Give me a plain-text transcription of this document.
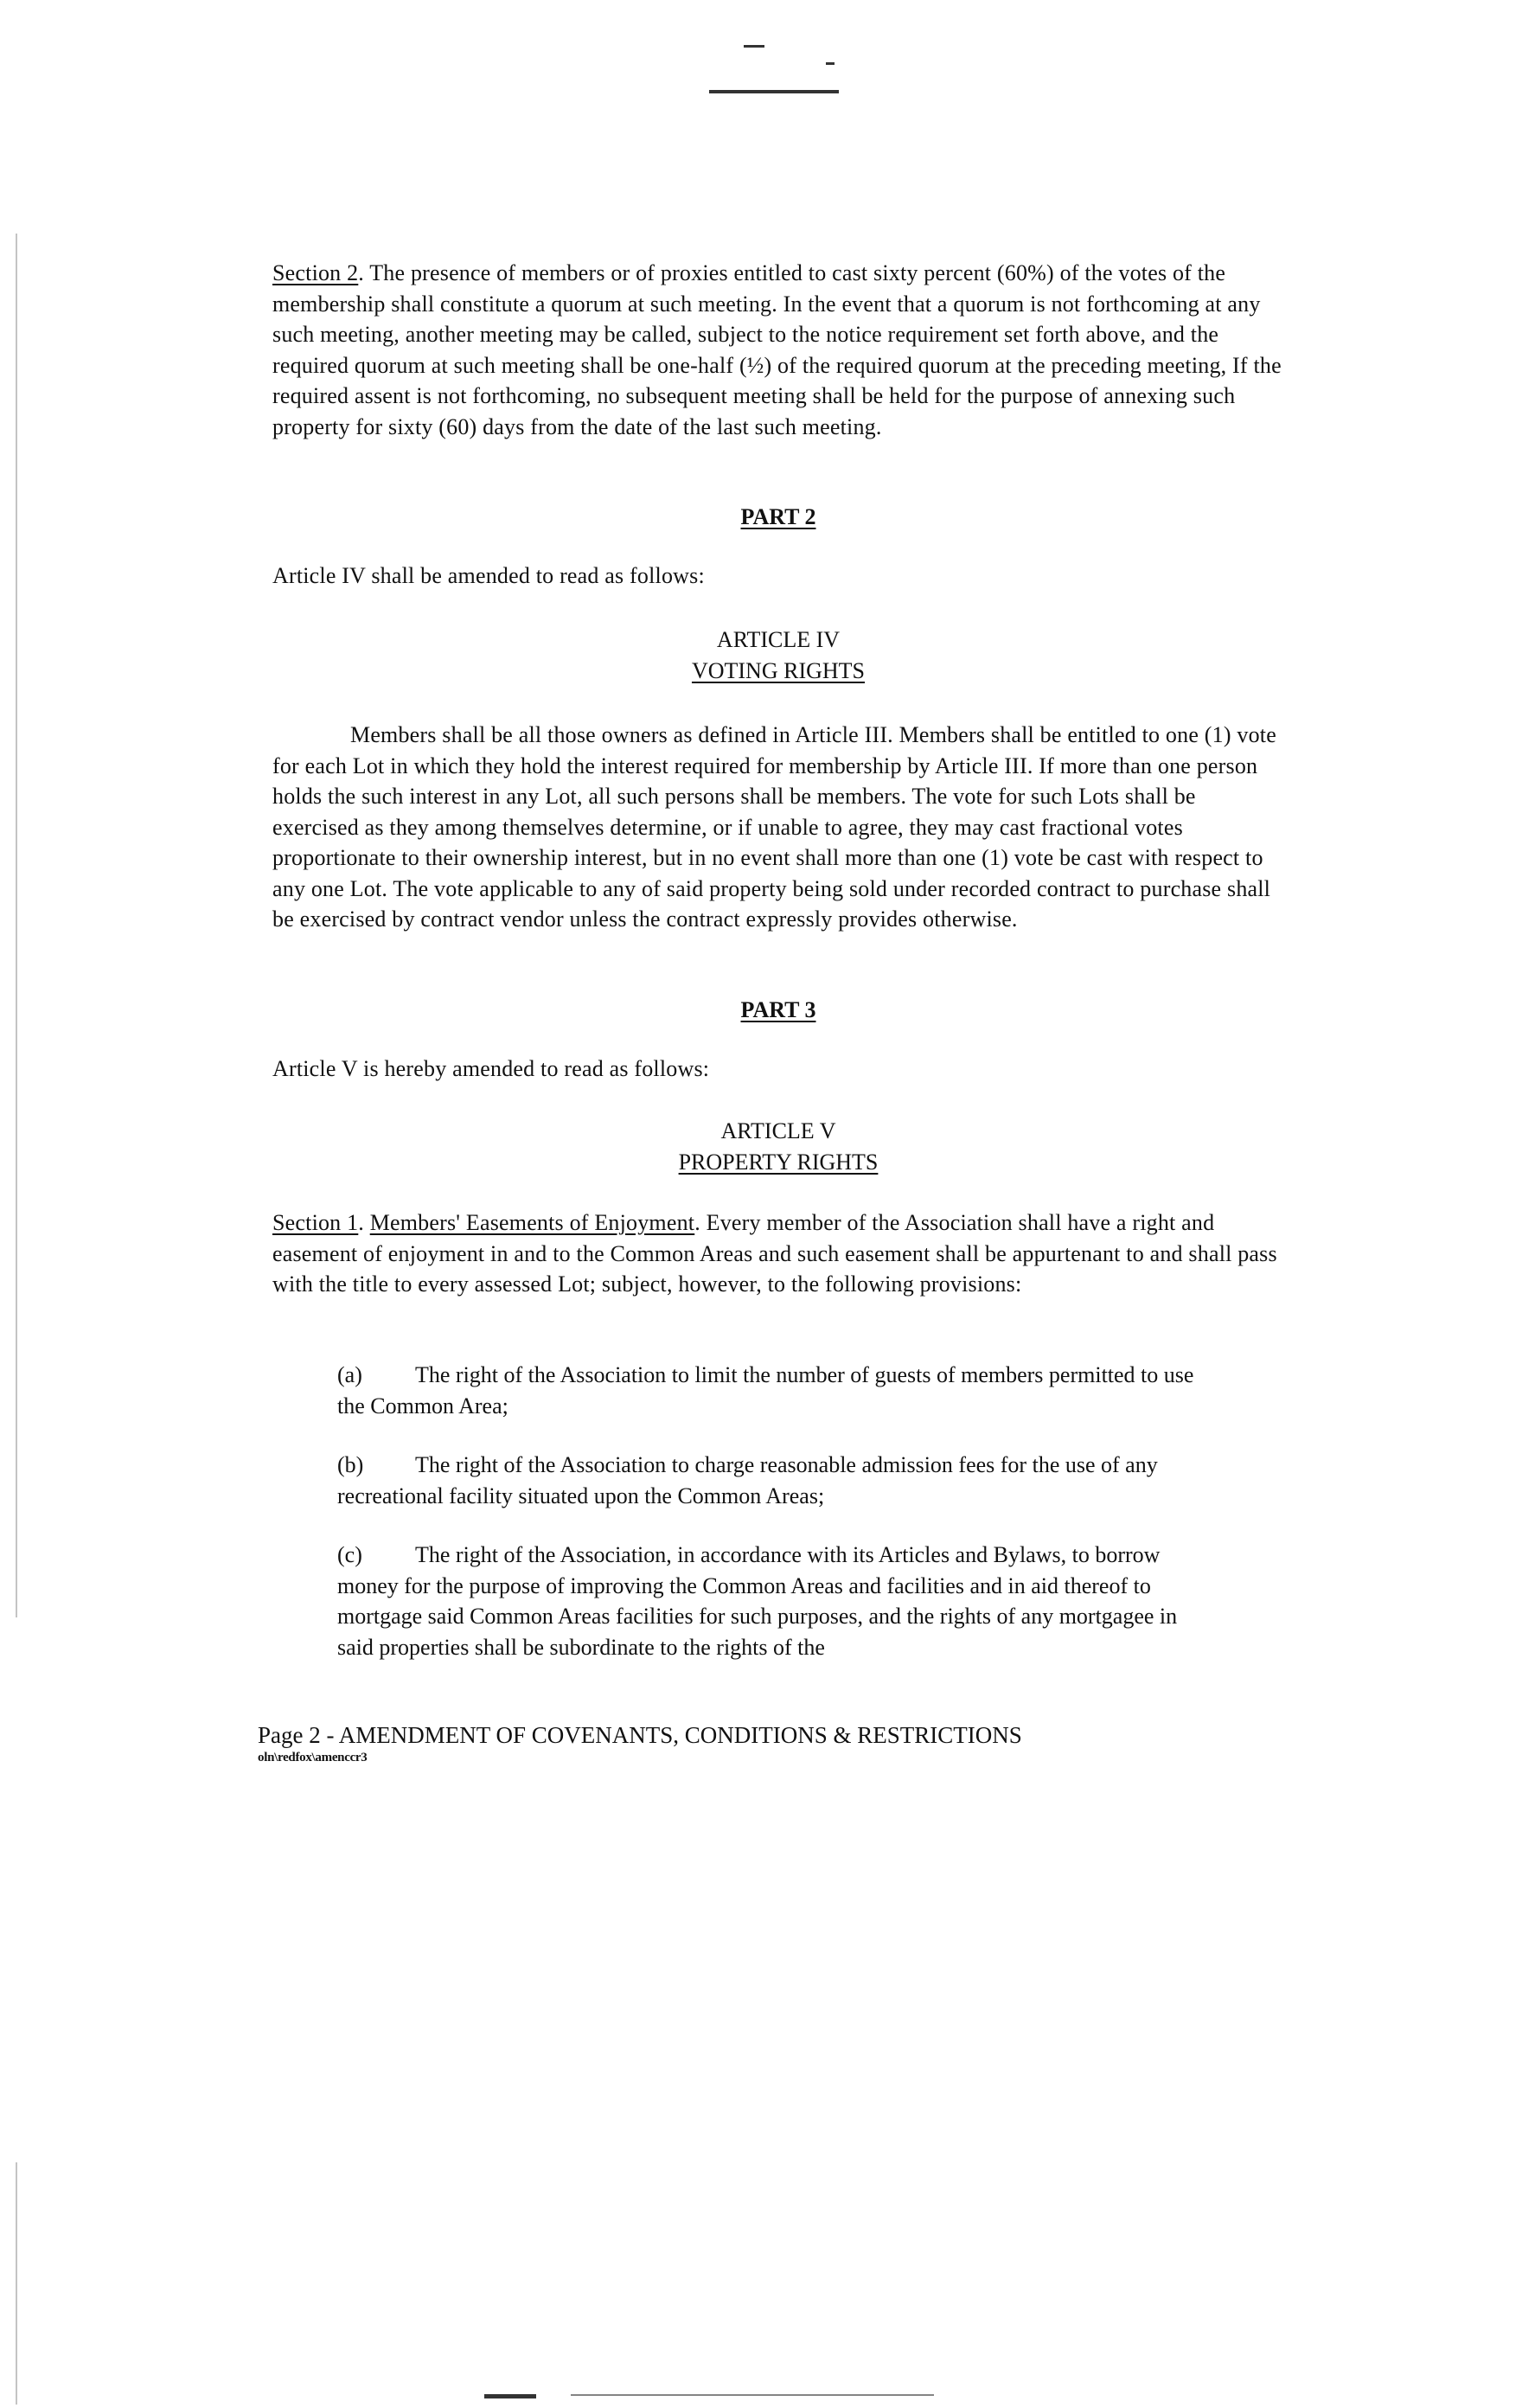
Section 2. The presence of members or of proxies entitled to cast sixty percent (60%) of the votes of the membership shall constitute a quorum at such meeting. In the event that a quorum is not forthcoming at any such meeting, another meeting may be called, subject to the notice requirement set forth above, and the required quorum at such meeting shall be one-half (½) of the required quorum at the preceding meeting, If the required assent is not forthcoming, no subsequent meeting shall be held for the purpose of annexing such property for sixty (60) days from the date of the last such meeting.
PART 2
Article IV shall be amended to read as follows:
ARTICLE IV
VOTING RIGHTS
Members shall be all those owners as defined in Article III. Members shall be entitled to one (1) vote for each Lot in which they hold the interest required for membership by Article III. If more than one person holds the such interest in any Lot, all such persons shall be members. The vote for such Lots shall be exercised as they among themselves determine, or if unable to agree, they may cast fractional votes proportionate to their ownership interest, but in no event shall more than one (1) vote be cast with respect to any one Lot. The vote applicable to any of said property being sold under recorded contract to purchase shall be exercised by contract vendor unless the contract expressly provides otherwise.
PART 3
Article V is hereby amended to read as follows:
ARTICLE V
PROPERTY RIGHTS
Section 1. Members' Easements of Enjoyment. Every member of the Association shall have a right and easement of enjoyment in and to the Common Areas and such easement shall be appurtenant to and shall pass with the title to every assessed Lot; subject, however, to the following provisions:
(a) The right of the Association to limit the number of guests of members permitted to use the Common Area;
(b) The right of the Association to charge reasonable admission fees for the use of any recreational facility situated upon the Common Areas;
(c) The right of the Association, in accordance with its Articles and Bylaws, to borrow money for the purpose of improving the Common Areas and facilities and in aid thereof to mortgage said Common Areas facilities for such purposes, and the rights of any mortgagee in said properties shall be subordinate to the rights of the
Page 2 - AMENDMENT OF COVENANTS, CONDITIONS & RESTRICTIONS
oln\redfox\amenccr3
